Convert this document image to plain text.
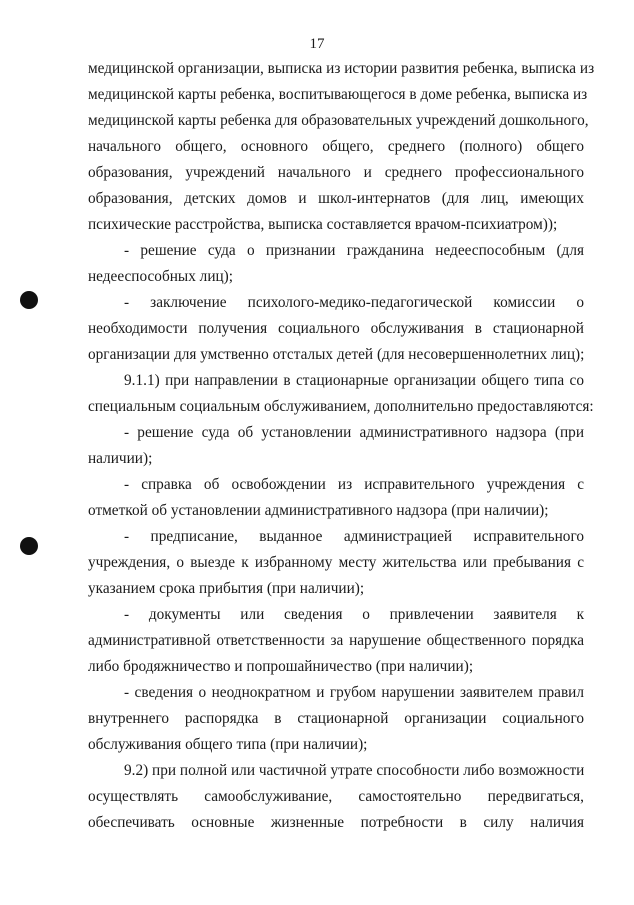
17
медицинской организации, выписка из истории развития ребенка, выписка из
медицинской карты ребенка, воспитывающегося в доме ребенка, выписка из
медицинской карты ребенка для образовательных учреждений дошкольного,
начального общего, основного общего, среднего (полного) общего
образования, учреждений начального и среднего профессионального
образования, детских домов и школ-интернатов (для лиц, имеющих
психические расстройства, выписка составляется врачом-психиатром));
- решение суда о признании гражданина недееспособным (для
недееспособных лиц);
- заключение психолого-медико-педагогической комиссии о
необходимости получения социального обслуживания в стационарной
организации для умственно отсталых детей (для несовершеннолетних лиц);
9.1.1) при направлении в стационарные организации общего типа со
специальным социальным обслуживанием, дополнительно предоставляются:
- решение суда об установлении административного надзора (при
наличии);
- справка об освобождении из исправительного учреждения с
отметкой об установлении административного надзора (при наличии);
- предписание, выданное администрацией исправительного
учреждения, о выезде к избранному месту жительства или пребывания с
указанием срока прибытия (при наличии);
- документы или сведения о привлечении заявителя к
административной ответственности за нарушение общественного порядка
либо бродяжничество и попрошайничество (при наличии);
- сведения о неоднократном и грубом нарушении заявителем правил
внутреннего распорядка в стационарной организации социального
обслуживания общего типа (при наличии);
9.2) при полной или частичной утрате способности либо возможности
осуществлять самообслуживание, самостоятельно передвигаться,
обеспечивать основные жизненные потребности в силу наличия
